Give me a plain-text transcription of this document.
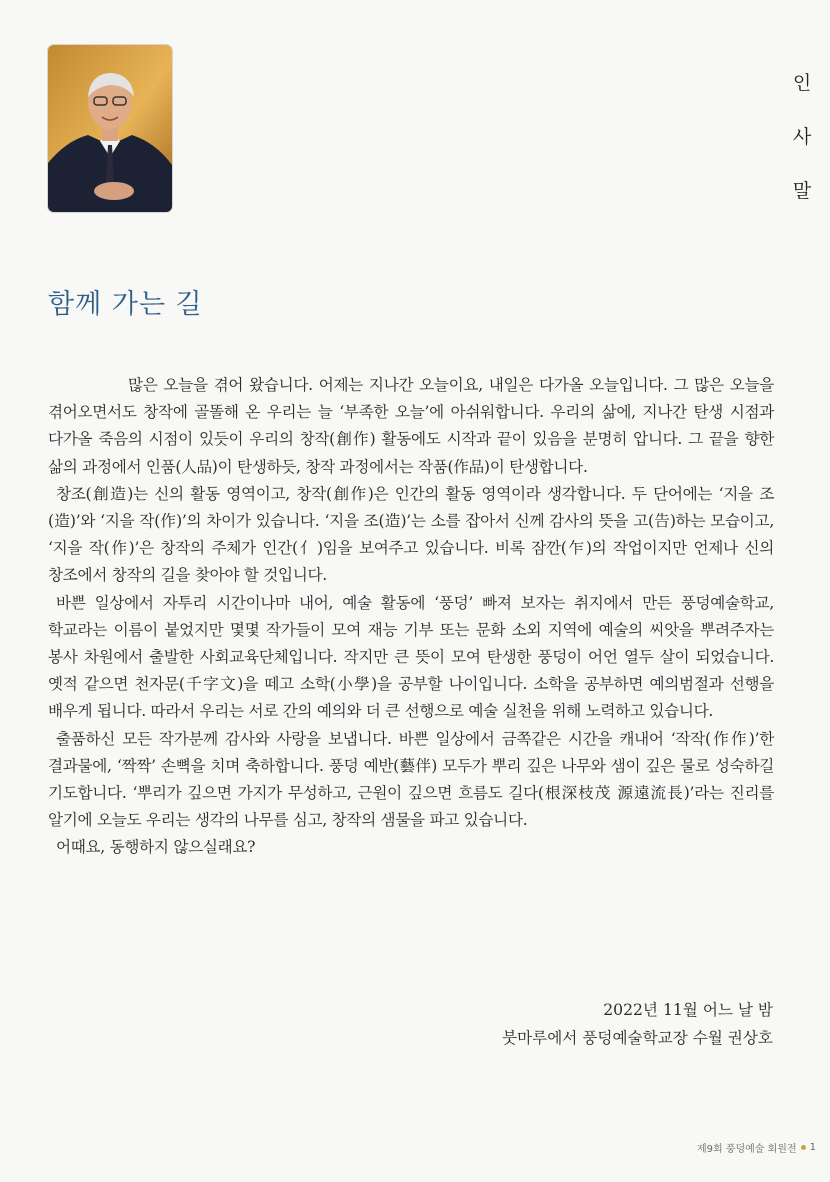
인
사
말
함께 가는 길

많은 오늘을 겪어 왔습니다. 어제는 지나간 오늘이요, 내일은 다가올 오늘입니다. 그 많은 오늘을 겪어오면서도 창작에 골똘해 온 우리는 늘 ‘부족한 오늘’에 아쉬워합니다. 우리의 삶에, 지나간 탄생 시점과 다가올 죽음의 시점이 있듯이 우리의 창작(創作) 활동에도 시작과 끝이 있음을 분명히 압니다. 그 끝을 향한 삶의 과정에서 인품(人品)이 탄생하듯, 창작 과정에서는 작품(作品)이 탄생합니다.

창조(創造)는 신의 활동 영역이고, 창작(創作)은 인간의 활동 영역이라 생각합니다. 두 단어에는 ‘지을 조(造)’와 ‘지을 작(作)’의 차이가 있습니다. ‘지을 조(造)’는 소를 잡아서 신께 감사의 뜻을 고(告)하는 모습이고, ‘지을 작(作)’은 창작의 주체가 인간(亻)임을 보여주고 있습니다. 비록 잠깐(乍)의 작업이지만 언제나 신의 창조에서 창작의 길을 찾아야 할 것입니다.

바쁜 일상에서 자투리 시간이나마 내어, 예술 활동에 ‘풍덩’ 빠져 보자는 취지에서 만든 풍덩예술학교, 학교라는 이름이 붙었지만 몇몇 작가들이 모여 재능 기부 또는 문화 소외 지역에 예술의 씨앗을 뿌려주자는 봉사 차원에서 출발한 사회교육단체입니다. 작지만 큰 뜻이 모여 탄생한 풍덩이 어언 열두 살이 되었습니다. 옛적 같으면 천자문(千字文)을 떼고 소학(小學)을 공부할 나이입니다. 소학을 공부하면 예의범절과 선행을 배우게 됩니다. 따라서 우리는 서로 간의 예의와 더 큰 선행으로 예술 실천을 위해 노력하고 있습니다.

출품하신 모든 작가분께 감사와 사랑을 보냅니다. 바쁜 일상에서 금쪽같은 시간을 캐내어 ‘작작(作作)’한 결과물에, ‘짝짝’ 손뼉을 치며 축하합니다. 풍덩 예반(藝伴) 모두가 뿌리 깊은 나무와 샘이 깊은 물로 성숙하길 기도합니다. ‘뿌리가 깊으면 가지가 무성하고, 근원이 깊으면 흐름도 길다(根深枝茂 源遠流長)’라는 진리를 알기에 오늘도 우리는 생각의 나무를 심고, 창작의 샘물을 파고 있습니다.

어때요, 동행하지 않으실래요?

2022년 11월 어느 날 밤
붓마루에서 풍덩예술학교장 수월 권상호
제9회 풍덩예술 회원전 1
